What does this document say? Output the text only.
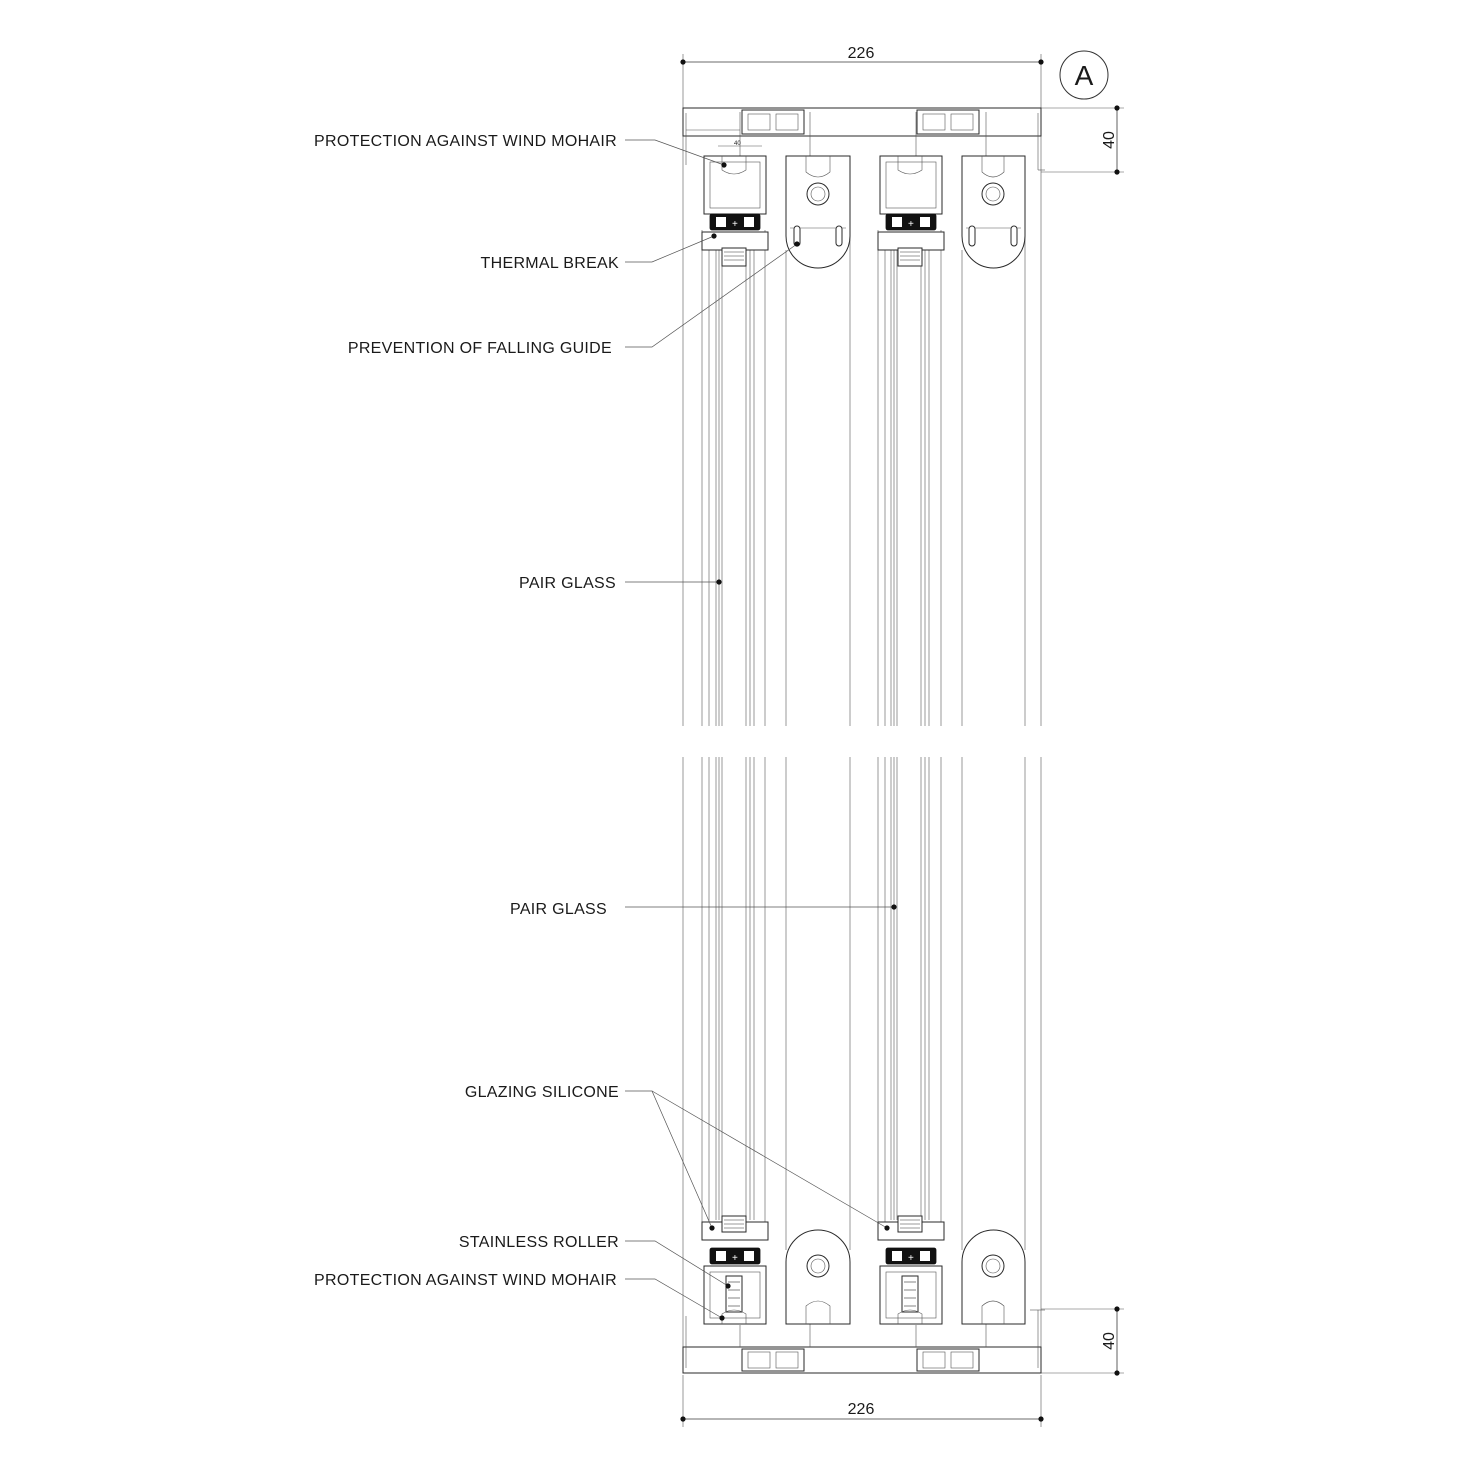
226
A
40
40
226
40
+	+
+	+
PROTECTION AGAINST WIND MOHAIR
THERMAL BREAK
PREVENTION OF FALLING GUIDE
PAIR GLASS
PAIR GLASS
GLAZING SILICONE
STAINLESS ROLLER
PROTECTION AGAINST WIND MOHAIR
